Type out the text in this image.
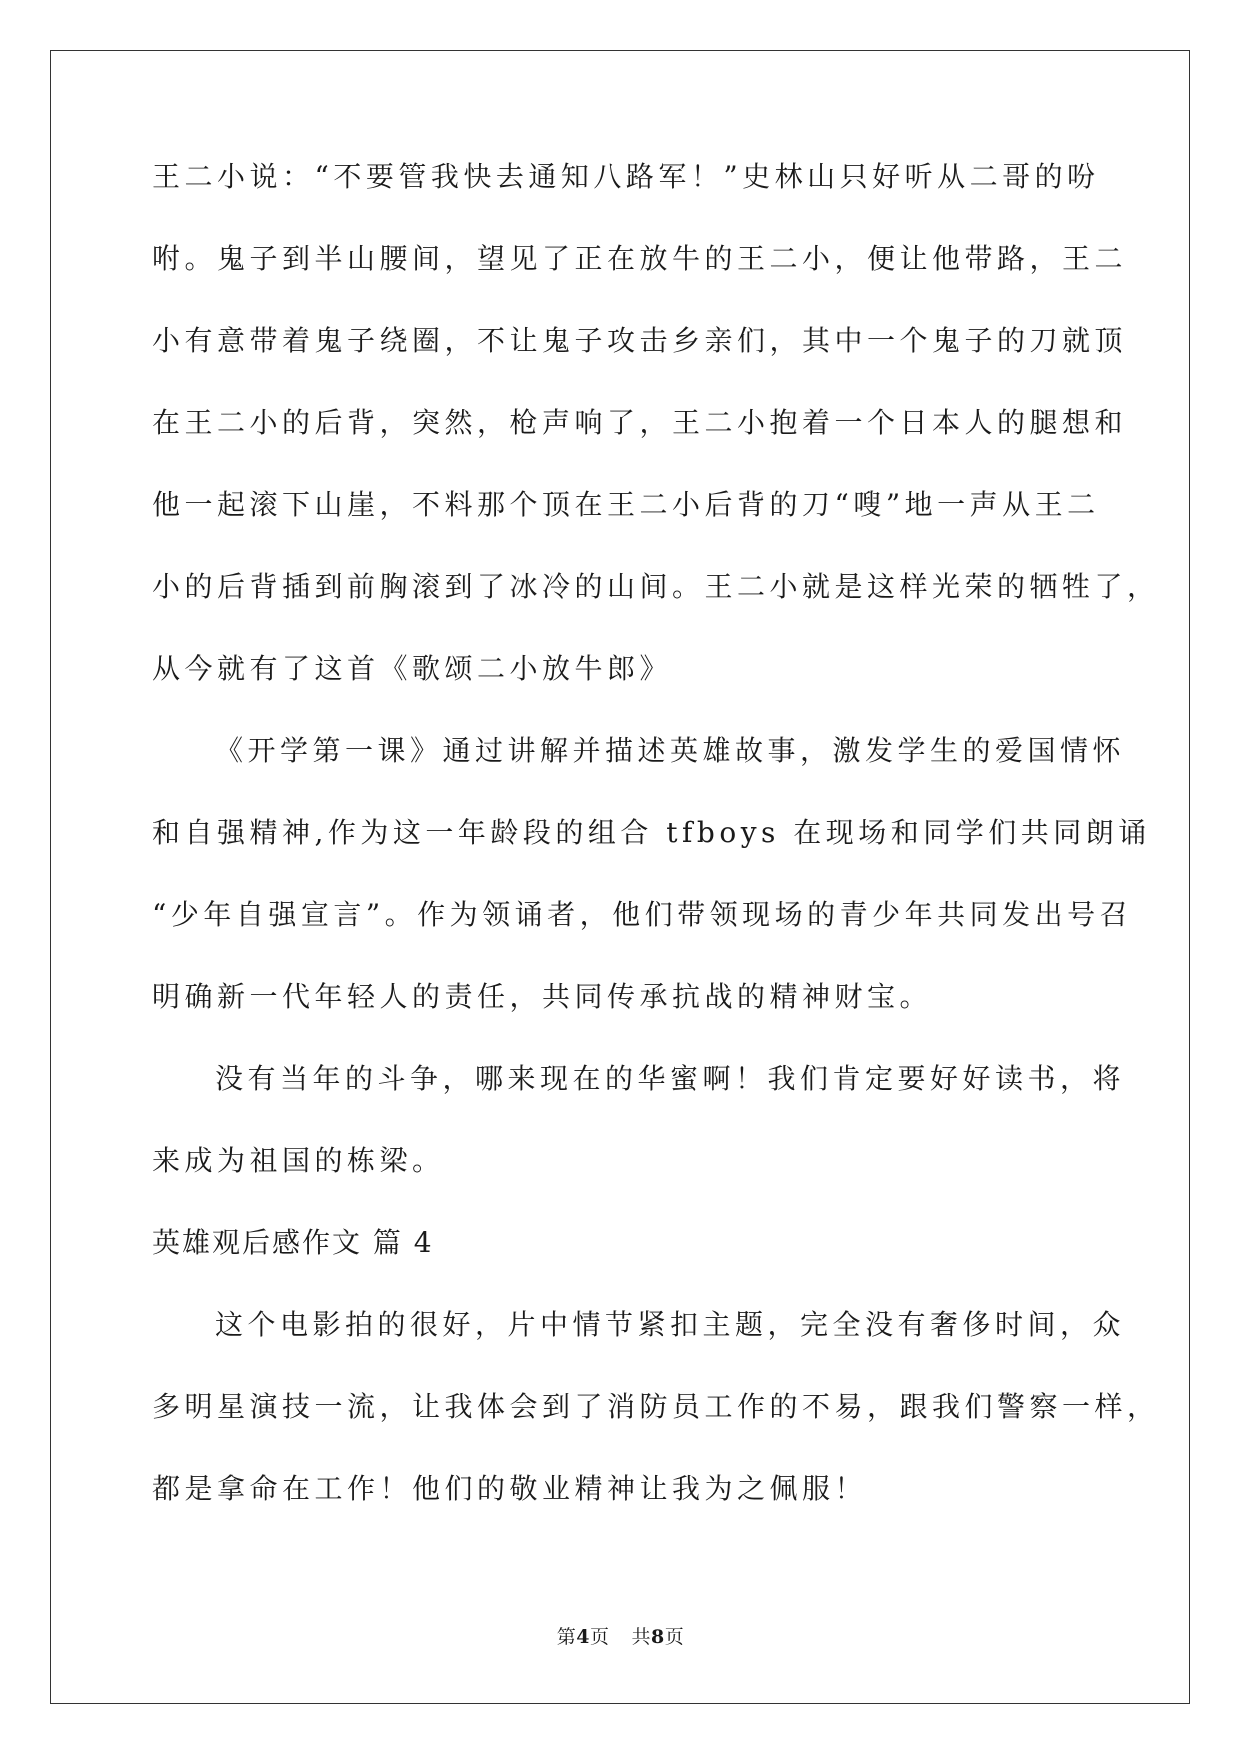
王二小说：“不要管我快去通知八路军！”史林山只好听从二哥的吩
咐。鬼子到半山腰间，望见了正在放牛的王二小，便让他带路，王二
小有意带着鬼子绕圈，不让鬼子攻击乡亲们，其中一个鬼子的刀就顶
在王二小的后背，突然，枪声响了，王二小抱着一个日本人的腿想和
他一起滚下山崖，不料那个顶在王二小后背的刀“嗖”地一声从王二
小的后背插到前胸滚到了冰冷的山间。王二小就是这样光荣的牺牲了，
从今就有了这首《歌颂二小放牛郎》
《开学第一课》通过讲解并描述英雄故事，激发学生的爱国情怀
和自强精神,作为这一年龄段的组合 tfboys 在现场和同学们共同朗诵
“少年自强宣言”。作为领诵者，他们带领现场的青少年共同发出号召
明确新一代年轻人的责任，共同传承抗战的精神财宝。
没有当年的斗争，哪来现在的华蜜啊！我们肯定要好好读书，将
来成为祖国的栋梁。
英雄观后感作文 篇 4
这个电影拍的很好，片中情节紧扣主题，完全没有奢侈时间，众
多明星演技一流，让我体会到了消防员工作的不易，跟我们警察一样，
都是拿命在工作！他们的敬业精神让我为之佩服！
第4页 共8页
